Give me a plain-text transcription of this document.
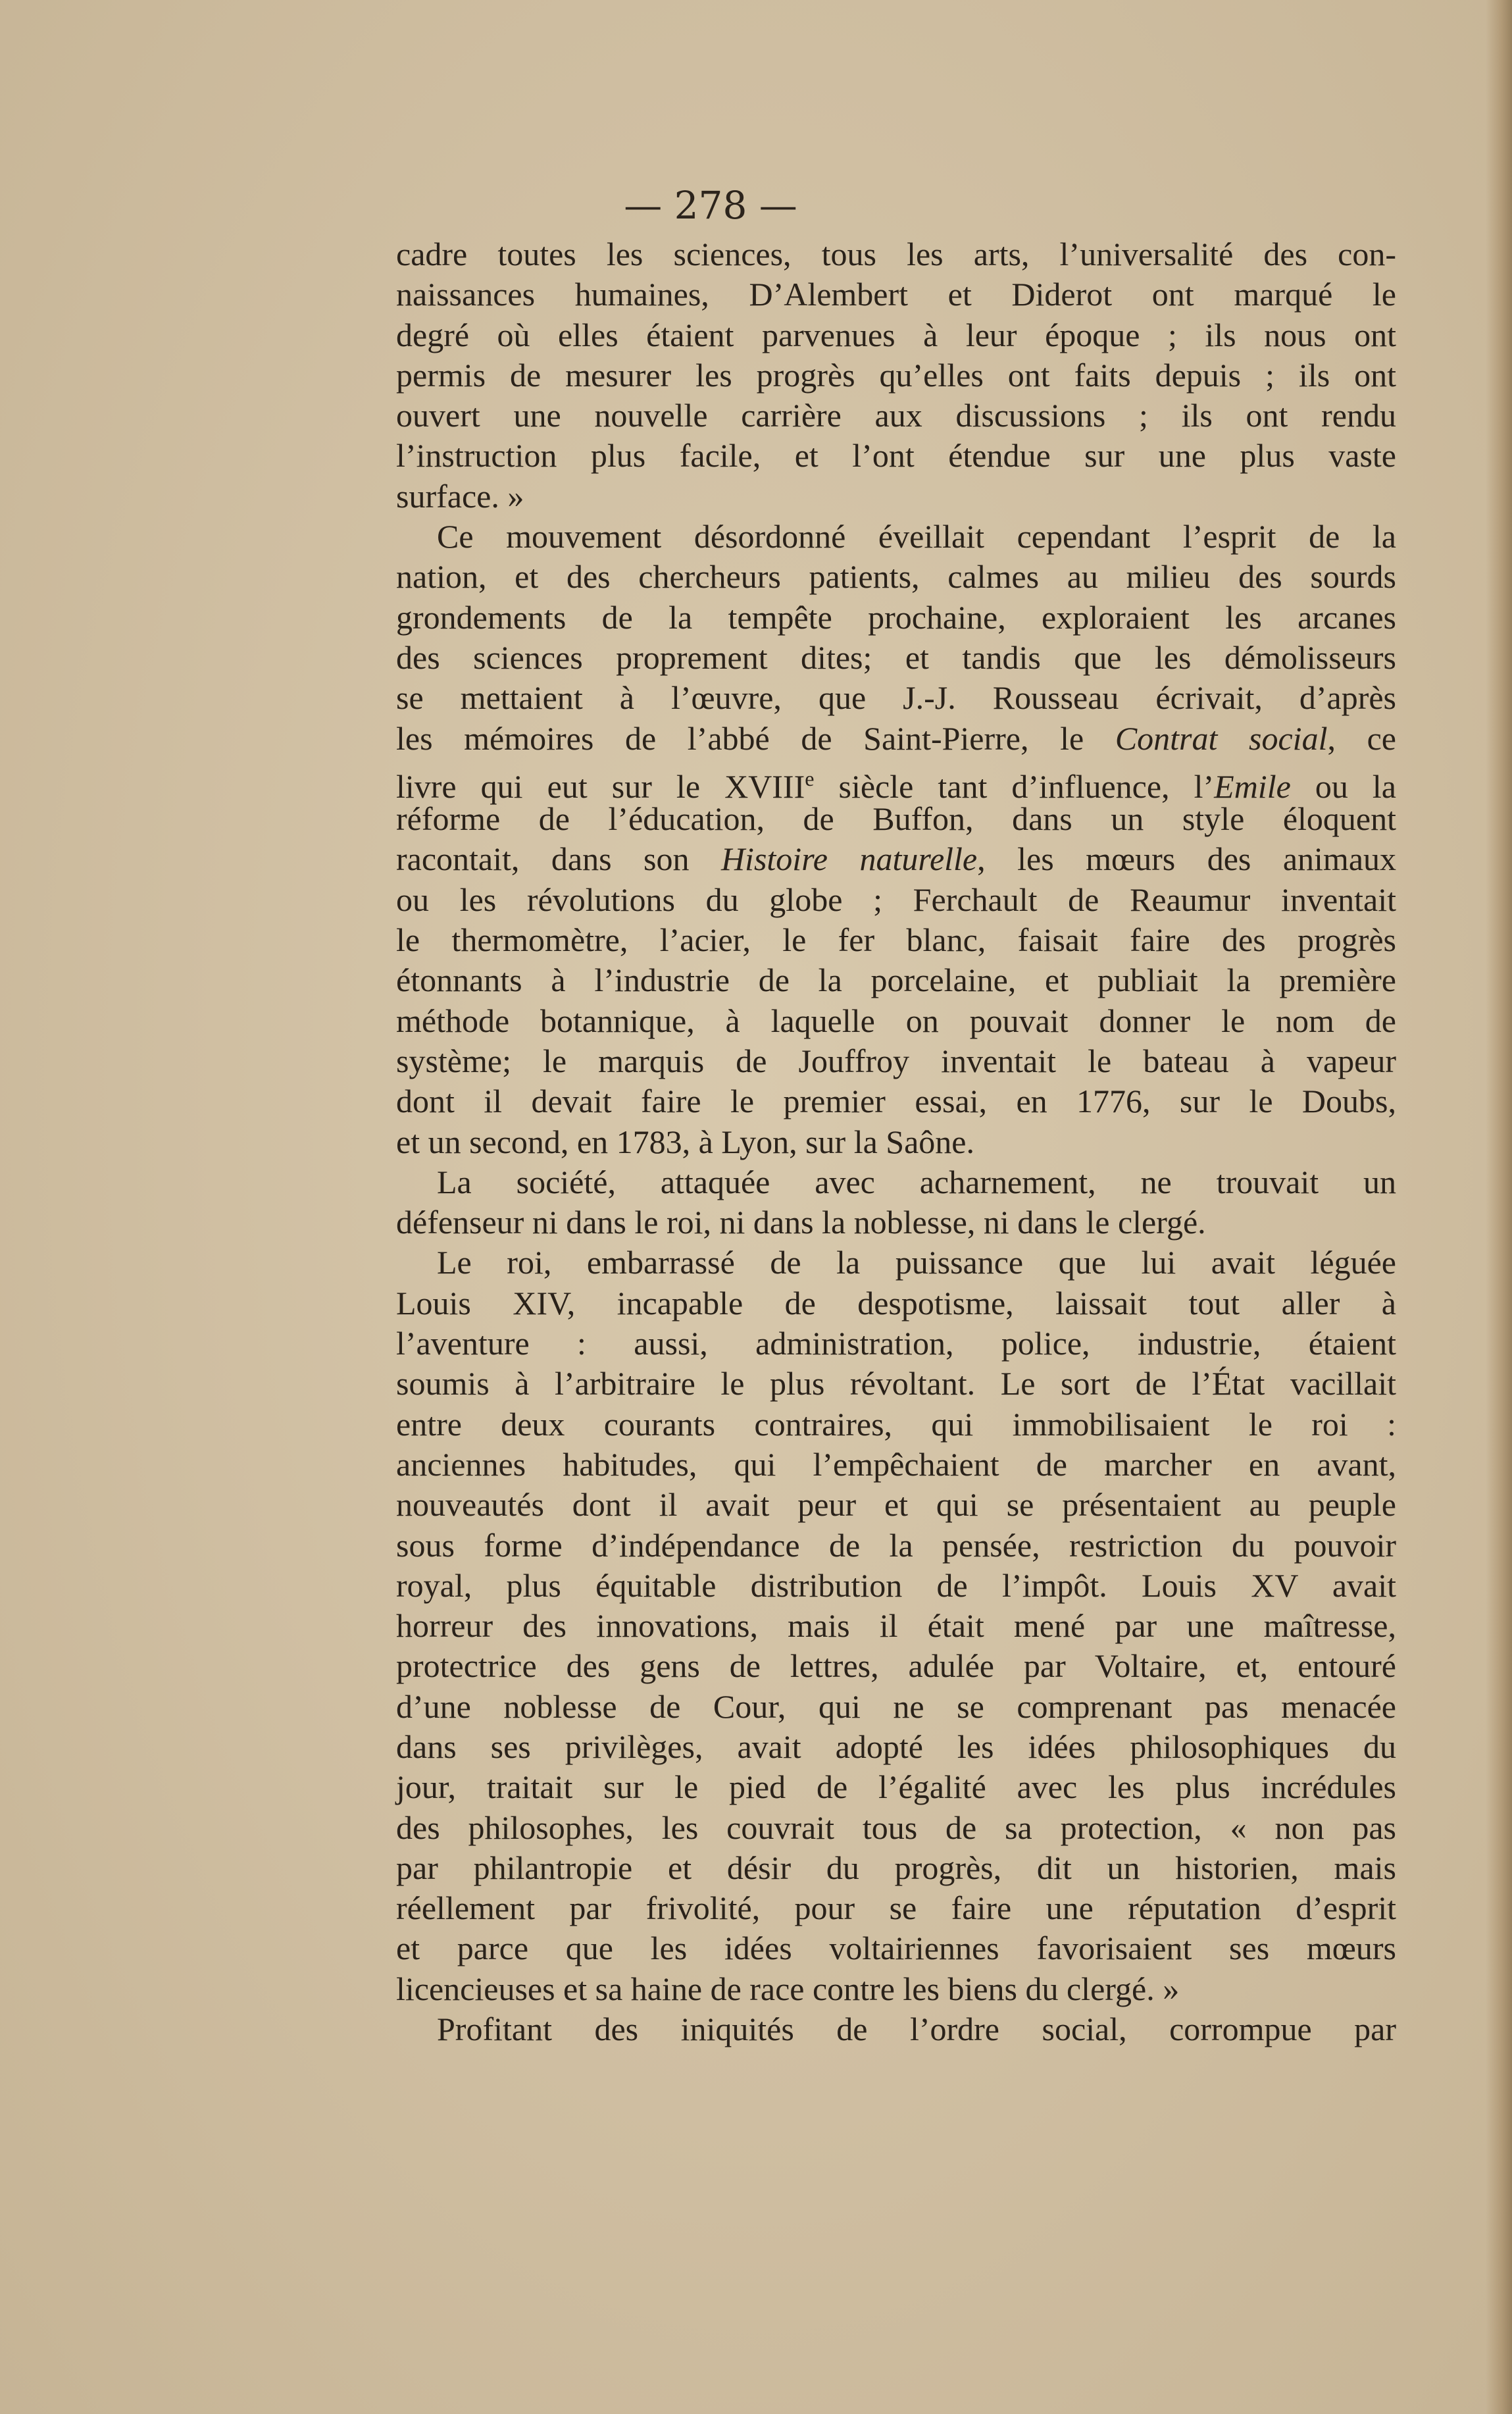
— 278 —
cadre toutes les sciences, tous les arts, l’universalité des con-
naissances humaines, D’Alembert et Diderot ont marqué le
degré où elles étaient parvenues à leur époque ; ils nous ont
permis de mesurer les progrès qu’elles ont faits depuis ; ils ont
ouvert une nouvelle carrière aux discussions ; ils ont rendu
l’instruction plus facile, et l’ont étendue sur une plus vaste
surface. »
Ce mouvement désordonné éveillait cependant l’esprit de la
nation, et des chercheurs patients, calmes au milieu des sourds
grondements de la tempête prochaine, exploraient les arcanes
des sciences proprement dites; et tandis que les démolisseurs
se mettaient à l’œuvre, que J.-J. Rousseau écrivait, d’après
les mémoires de l’abbé de Saint-Pierre, le Contrat social, ce
livre qui eut sur le XVIIIe siècle tant d’influence, l’Emile ou la
réforme de l’éducation, de Buffon, dans un style éloquent
racontait, dans son Histoire naturelle, les mœurs des animaux
ou les révolutions du globe ; Ferchault de Reaumur inventait
le thermomètre, l’acier, le fer blanc, faisait faire des progrès
étonnants à l’industrie de la porcelaine, et publiait la première
méthode botannique, à laquelle on pouvait donner le nom de
système; le marquis de Jouffroy inventait le bateau à vapeur
dont il devait faire le premier essai, en 1776, sur le Doubs,
et un second, en 1783, à Lyon, sur la Saône.
La société, attaquée avec acharnement, ne trouvait un
défenseur ni dans le roi, ni dans la noblesse, ni dans le clergé.
Le roi, embarrassé de la puissance que lui avait léguée
Louis XIV, incapable de despotisme, laissait tout aller à
l’aventure : aussi, administration, police, industrie, étaient
soumis à l’arbitraire le plus révoltant. Le sort de l’État vacillait
entre deux courants contraires, qui immobilisaient le roi :
anciennes habitudes, qui l’empêchaient de marcher en avant,
nouveautés dont il avait peur et qui se présentaient au peuple
sous forme d’indépendance de la pensée, restriction du pouvoir
royal, plus équitable distribution de l’impôt. Louis XV avait
horreur des innovations, mais il était mené par une maîtresse,
protectrice des gens de lettres, adulée par Voltaire, et, entouré
d’une noblesse de Cour, qui ne se comprenant pas menacée
dans ses privilèges, avait adopté les idées philosophiques du
jour, traitait sur le pied de l’égalité avec les plus incrédules
des philosophes, les couvrait tous de sa protection, « non pas
par philantropie et désir du progrès, dit un historien, mais
réellement par frivolité, pour se faire une réputation d’esprit
et parce que les idées voltairiennes favorisaient ses mœurs
licencieuses et sa haine de race contre les biens du clergé. »
Profitant des iniquités de l’ordre social, corrompue par
